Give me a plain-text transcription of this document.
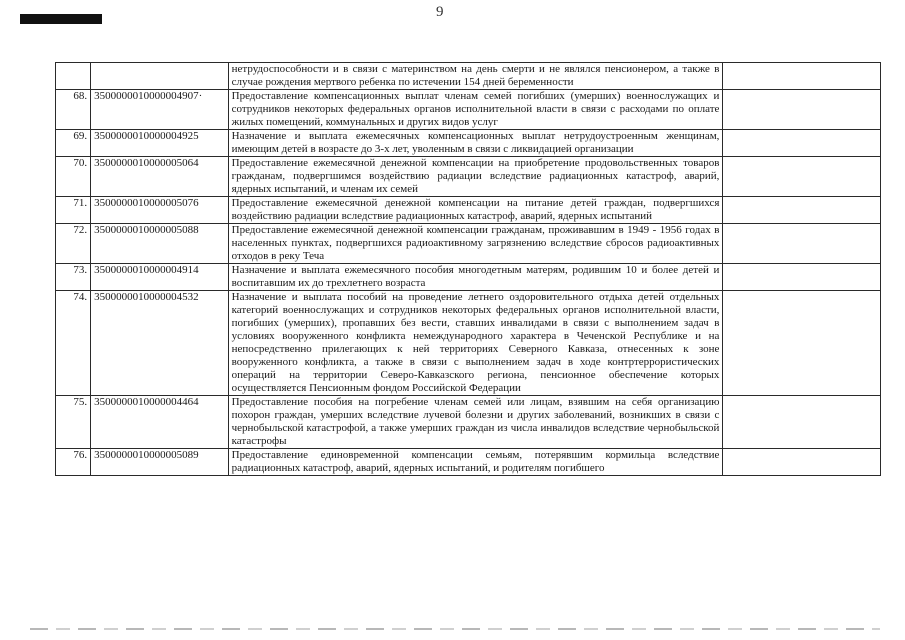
9
		нетрудоспособности и в связи с материнством на день смерти и не являлся пенсионером, а также в случае рождения мертвого ребенка по истечении 154 дней беременности	
68.	3500000010000004907·	Предоставление компенсационных выплат членам семей погибших (умерших) военнослужащих и сотрудников некоторых федеральных органов исполнительной власти в связи с расходами по оплате жилых помещений, коммунальных и других видов услуг	
69.	3500000010000004925	Назначение и выплата ежемесячных компенсационных выплат нетрудоустроенным женщинам, имеющим детей в возрасте до 3-х лет, уволенным в связи с ликвидацией организации	
70.	3500000010000005064	Предоставление ежемесячной денежной компенсации на приобретение продовольственных товаров гражданам, подвергшимся воздействию радиации вследствие радиационных катастроф, аварий, ядерных испытаний, и членам их семей	
71.	3500000010000005076	Предоставление ежемесячной денежной компенсации на питание детей граждан, подвергшихся воздействию радиации вследствие радиационных катастроф, аварий, ядерных испытаний	
72.	3500000010000005088	Предоставление ежемесячной денежной компенсации гражданам, проживавшим в 1949 - 1956 годах в населенных пунктах, подвергшихся радиоактивному загрязнению вследствие сбросов радиоактивных отходов в реку Теча	
73.	3500000010000004914	Назначение и выплата ежемесячного пособия многодетным матерям, родившим 10 и более детей и воспитавшим их до трехлетнего возраста	
74.	3500000010000004532	Назначение и выплата пособий на проведение летнего оздоровительного отдыха детей отдельных категорий военнослужащих и сотрудников некоторых федеральных органов исполнительной власти, погибших (умерших), пропавших без вести, ставших инвалидами в связи с выполнением задач в условиях вооруженного конфликта немеждународного характера в Чеченской Республике и на непосредственно прилегающих к ней территориях Северного Кавказа, отнесенных к зоне вооруженного конфликта, а также в связи с выполнением задач в ходе контртеррористических операций на территории Северо-Кавказского региона, пенсионное обеспечение которых осуществляется Пенсионным фондом Российской Федерации	
75.	3500000010000004464	Предоставление пособия на погребение членам семей или лицам, взявшим на себя организацию похорон граждан, умерших вследствие лучевой болезни и других заболеваний, возникших в связи с чернобыльской катастрофой, а также умерших граждан из числа инвалидов вследствие чернобыльской катастрофы	
76.	3500000010000005089	Предоставление единовременной компенсации семьям, потерявшим кормильца вследствие радиационных катастроф, аварий, ядерных испытаний, и родителям погибшего	
